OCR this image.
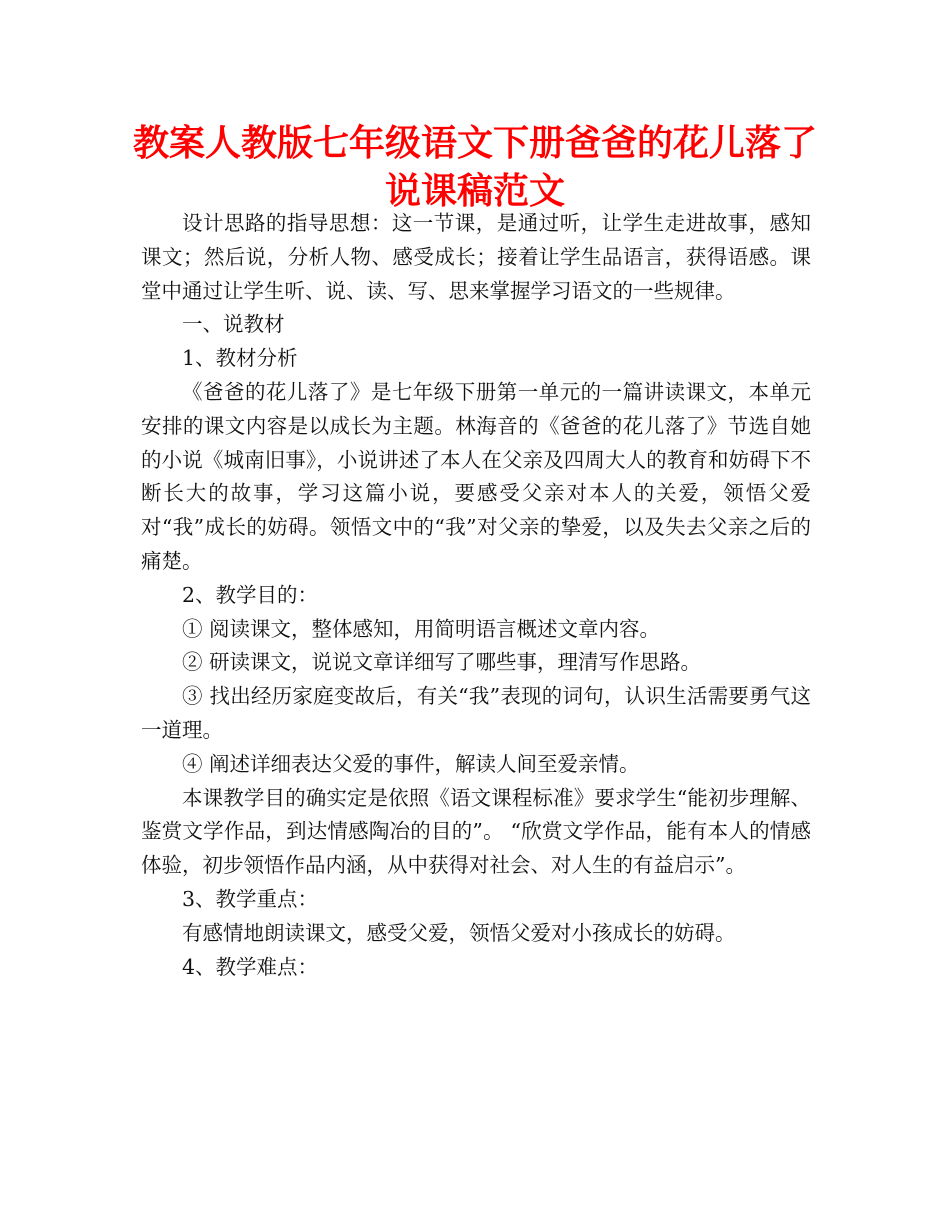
教案人教版七年级语文下册爸爸的花儿落了说课稿范文

设计思路的指导思想：这一节课，是通过听，让学生走进故事，感知课文；然后说，分析人物、感受成长；接着让学生品语言，获得语感。课堂中通过让学生听、说、读、写、思来掌握学习语文的一些规律。

一、说教材

1、教材分析

《爸爸的花儿落了》是七年级下册第一单元的一篇讲读课文，本单元安排的课文内容是以成长为主题。林海音的《爸爸的花儿落了》节选自她的小说《城南旧事》，小说讲述了本人在父亲及四周大人的教育和妨碍下不断长大的故事，学习这篇小说，要感受父亲对本人的关爱，领悟父爱对“我”成长的妨碍。领悟文中的“我”对父亲的挚爱，以及失去父亲之后的痛楚。

2、教学目的：

① 阅读课文，整体感知，用简明语言概述文章内容。

② 研读课文，说说文章详细写了哪些事，理清写作思路。

③ 找出经历家庭变故后，有关“我”表现的词句，认识生活需要勇气这一道理。

④ 阐述详细表达父爱的事件，解读人间至爱亲情。

本课教学目的确实定是依照《语文课程标准》要求学生“能初步理解、鉴赏文学作品，到达情感陶冶的目的”。 “欣赏文学作品，能有本人的情感体验，初步领悟作品内涵，从中获得对社会、对人生的有益启示”。

3、教学重点：

有感情地朗读课文，感受父爱，领悟父爱对小孩成长的妨碍。

4、教学难点：
